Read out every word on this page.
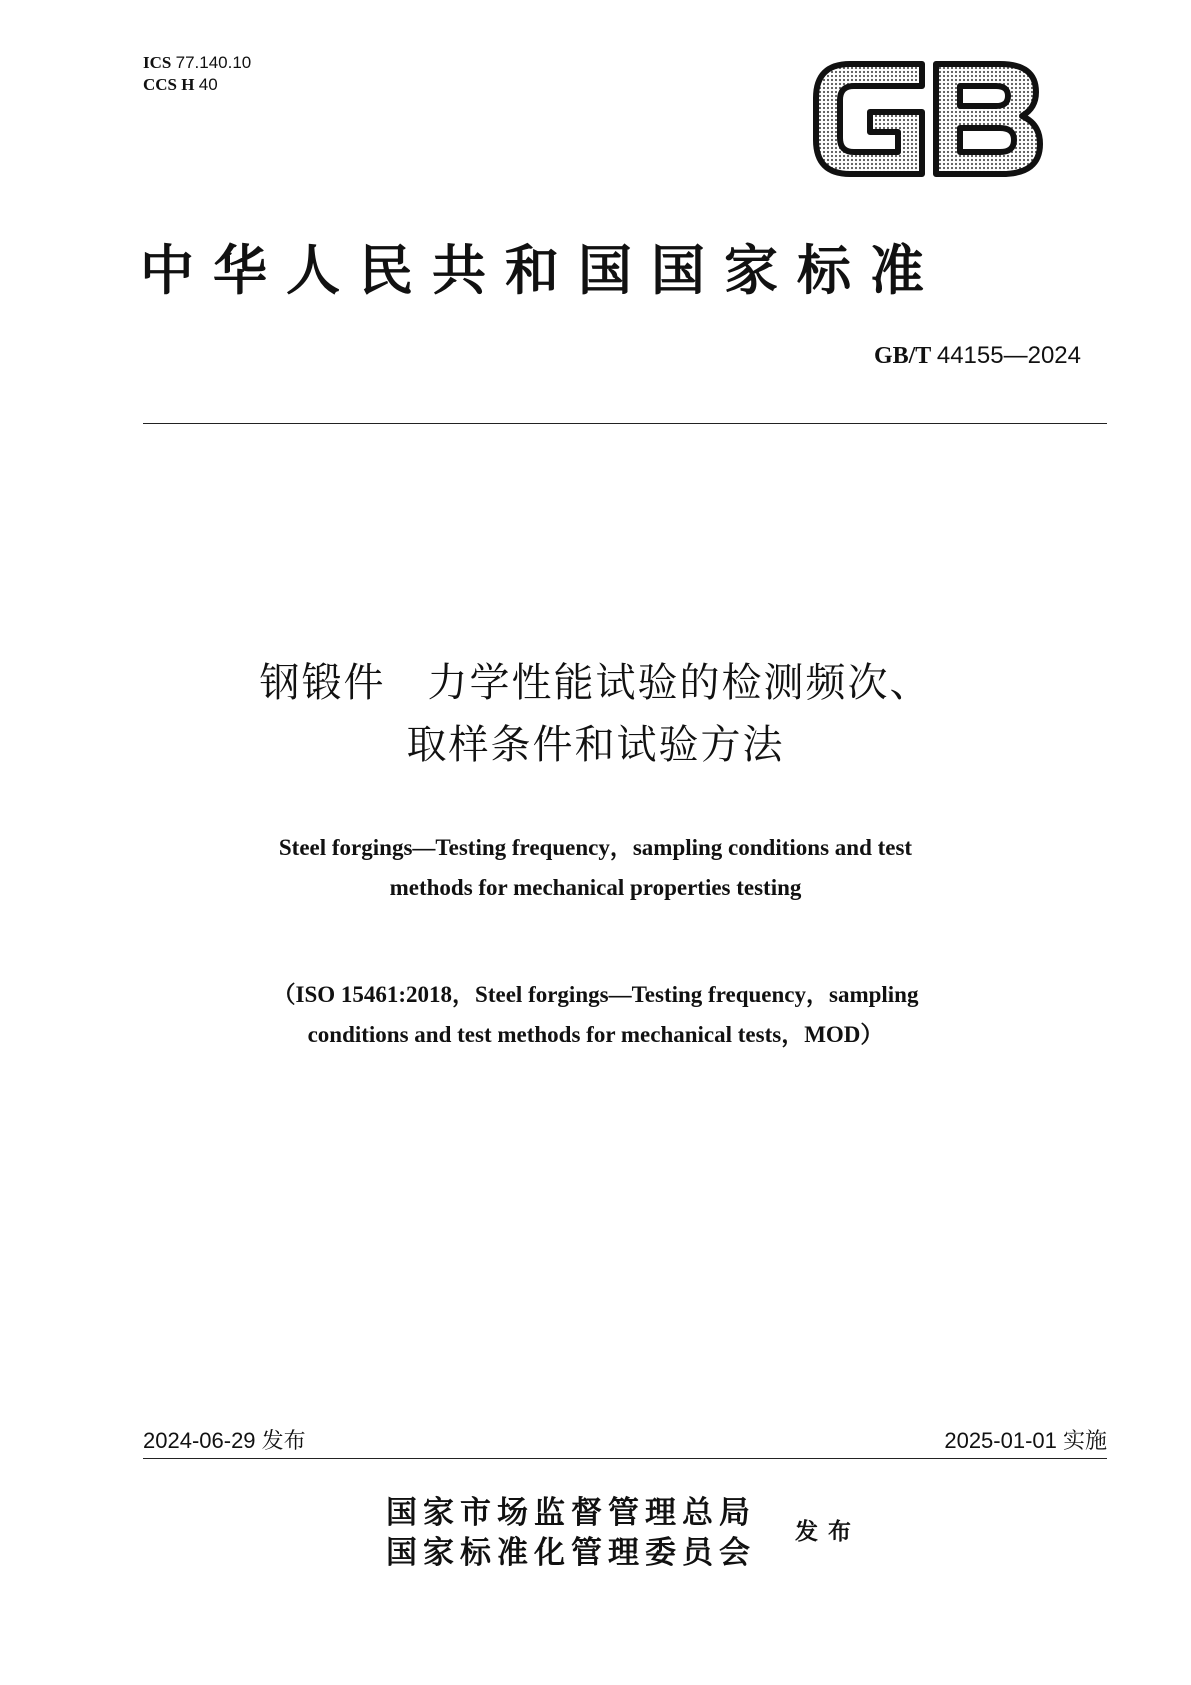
ICS 77.140.10
CCS H 40
中华人民共和国国家标准
GB/T 44155—2024
钢锻件　力学性能试验的检测频次、
取样条件和试验方法
Steel forgings—Testing frequency，sampling conditions and test
methods for mechanical properties testing
（ISO 15461:2018，Steel forgings—Testing frequency，sampling
conditions and test methods for mechanical tests，MOD）
2024-06-29 发布	2025-01-01 实施
国家市场监督管理总局
国家标准化管理委员会
发布
